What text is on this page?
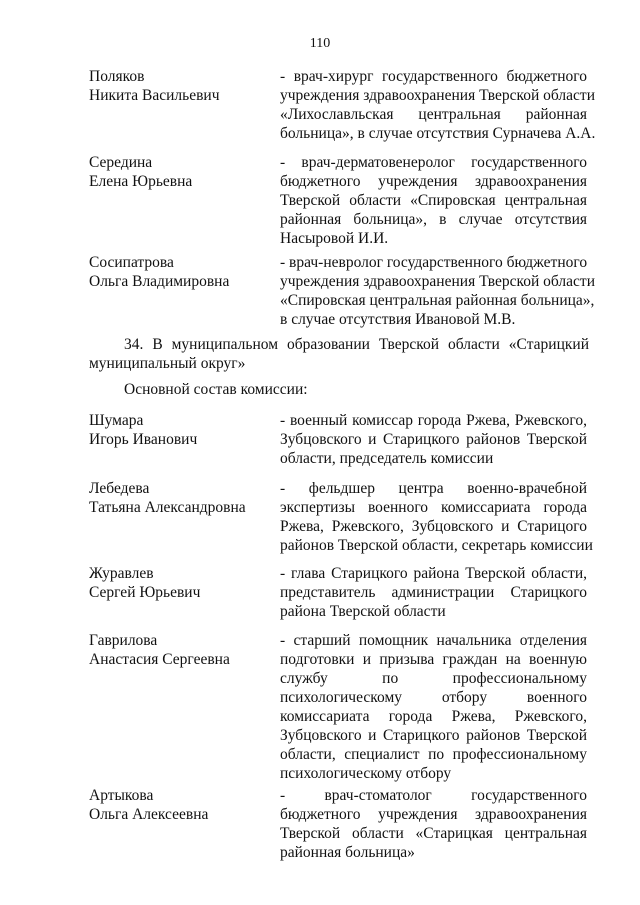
110
Поляков
Никита Васильевич
- врач-хирург государственного бюджетного
учреждения здравоохранения Тверской области
«Лихославльская центральная районная
больница», в случае отсутствия Сурначева А.А.
Середина
Елена Юрьевна
- врач-дерматовенеролог государственного
бюджетного учреждения здравоохранения
Тверской области «Спировская центральная
районная больница», в случае отсутствия
Насыровой И.И.
Сосипатрова
Ольга Владимировна
- врач-невролог государственного бюджетного
учреждения здравоохранения Тверской области
«Спировская центральная районная больница»,
в случае отсутствия Ивановой М.В.
34. В муниципальном образовании Тверской области «Старицкий
муниципальный округ»
Основной состав комиссии:
Шумара
Игорь Иванович
- военный комиссар города Ржева, Ржевского,
Зубцовского и Старицкого районов Тверской
области, председатель комиссии
Лебедева
Татьяна Александровна
- фельдшер центра военно-врачебной
экспертизы военного комиссариата города
Ржева, Ржевского, Зубцовского и Старицого
районов Тверской области, секретарь комиссии
Журавлев
Сергей Юрьевич
- глава Старицкого района Тверской области,
представитель администрации Старицкого
района Тверской области
Гаврилова
Анастасия Сергеевна
- старший помощник начальника отделения
подготовки и призыва граждан на военную
службу по профессиональному
психологическому отбору военного
комиссариата города Ржева, Ржевского,
Зубцовского и Старицкого районов Тверской
области, специалист по профессиональному
психологическому отбору
Артыкова
Ольга Алексеевна
- врач-стоматолог государственного
бюджетного учреждения здравоохранения
Тверской области «Старицкая центральная
районная больница»
